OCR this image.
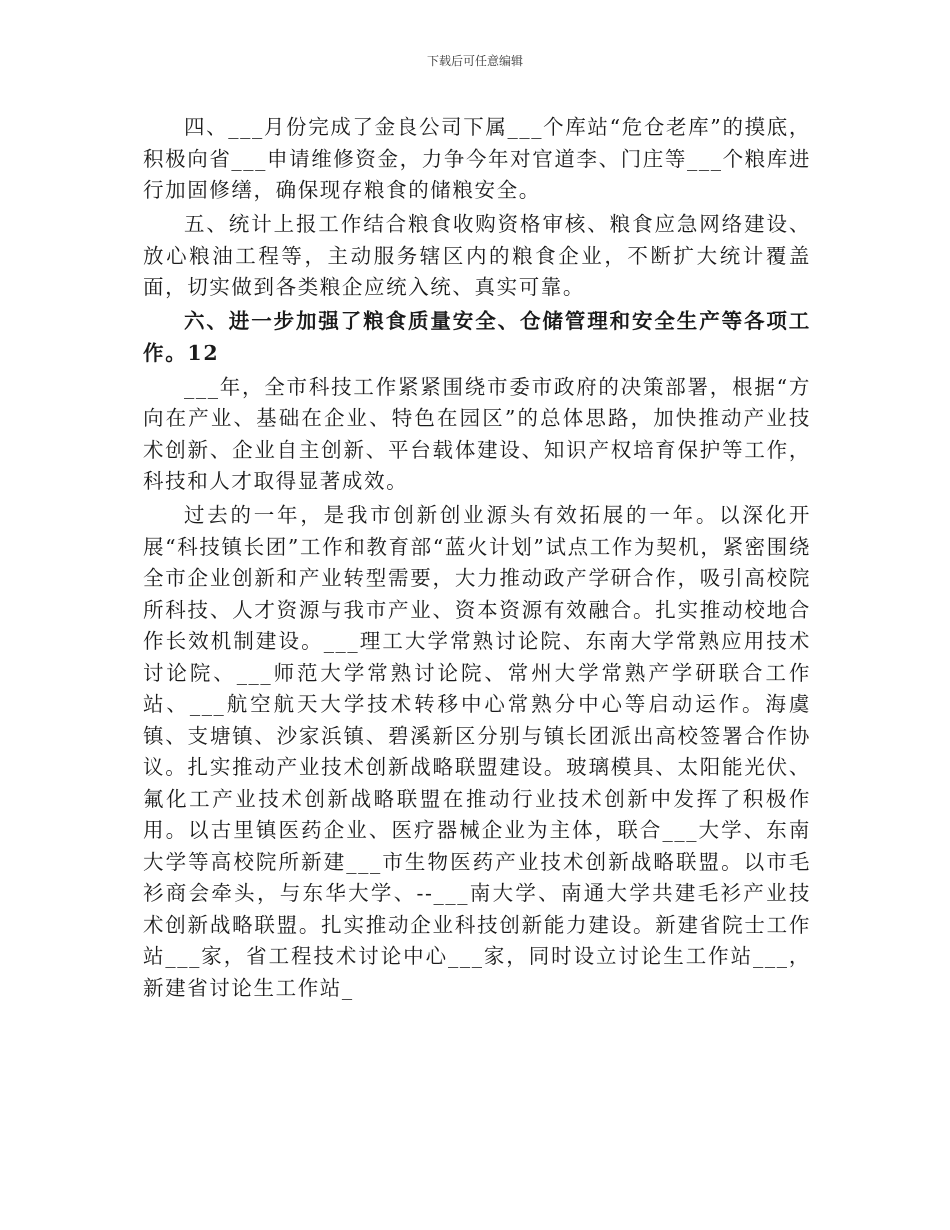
下载后可任意编辑

四、___月份完成了金良公司下属___个库站“危仓老库”的摸底，积极向省___申请维修资金，力争今年对官道李、门庄等___个粮库进行加固修缮，确保现存粮食的储粮安全。

五、统计上报工作结合粮食收购资格审核、粮食应急网络建设、放心粮油工程等，主动服务辖区内的粮食企业，不断扩大统计覆盖面，切实做到各类粮企应统入统、真实可靠。

六、进一步加强了粮食质量安全、仓储管理和安全生产等各项工作。12

___年，全市科技工作紧紧围绕市委市政府的决策部署，根据“方向在产业、基础在企业、特色在园区”的总体思路，加快推动产业技术创新、企业自主创新、平台载体建设、知识产权培育保护等工作，科技和人才取得显著成效。

过去的一年，是我市创新创业源头有效拓展的一年。以深化开展“科技镇长团”工作和教育部“蓝火计划”试点工作为契机，紧密围绕全市企业创新和产业转型需要，大力推动政产学研合作，吸引高校院所科技、人才资源与我市产业、资本资源有效融合。扎实推动校地合作长效机制建设。___理工大学常熟讨论院、东南大学常熟应用技术讨论院、___师范大学常熟讨论院、常州大学常熟产学研联合工作站、___航空航天大学技术转移中心常熟分中心等启动运作。海虞镇、支塘镇、沙家浜镇、碧溪新区分别与镇长团派出高校签署合作协议。扎实推动产业技术创新战略联盟建设。玻璃模具、太阳能光伏、氟化工产业技术创新战略联盟在推动行业技术创新中发挥了积极作用。以古里镇医药企业、医疗器械企业为主体，联合___大学、东南大学等高校院所新建___市生物医药产业技术创新战略联盟。以市毛衫商会牵头，与东华大学、--___南大学、南通大学共建毛衫产业技术创新战略联盟。扎实推动企业科技创新能力建设。新建省院士工作站___家，省工程技术讨论中心___家，同时设立讨论生工作站___，新建省讨论生工作站_
